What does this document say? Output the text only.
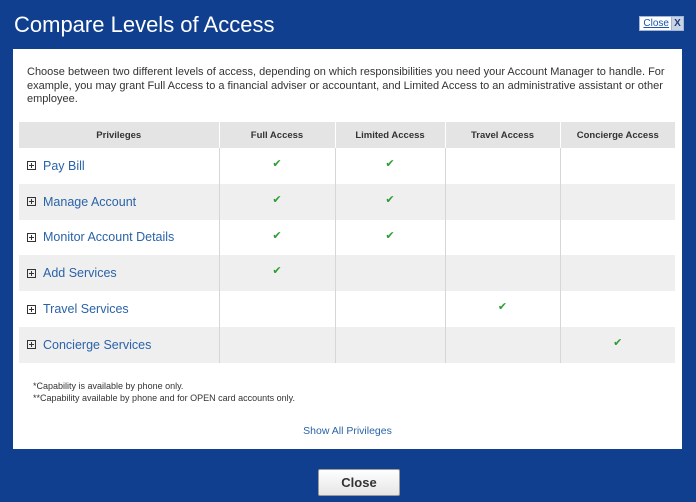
Compare Levels of Access	Close X
Choose between two different levels of access, depending on which responsibilities you need your Account Manager to handle. For example, you may grant Full Access to a financial adviser or accountant, and Limited Access to an administrative assistant or other employee.
Privileges	Full Access	Limited Access	Travel Access	Concierge Access

Pay Bill	✔	✔		

Manage Account	✔	✔		

Monitor Account Details	✔	✔		

Add Services	✔			

Travel Services			✔	

Concierge Services				✔
*Capability is available by phone only.
**Capability available by phone and for OPEN card accounts only.
Show All Privileges
Close
